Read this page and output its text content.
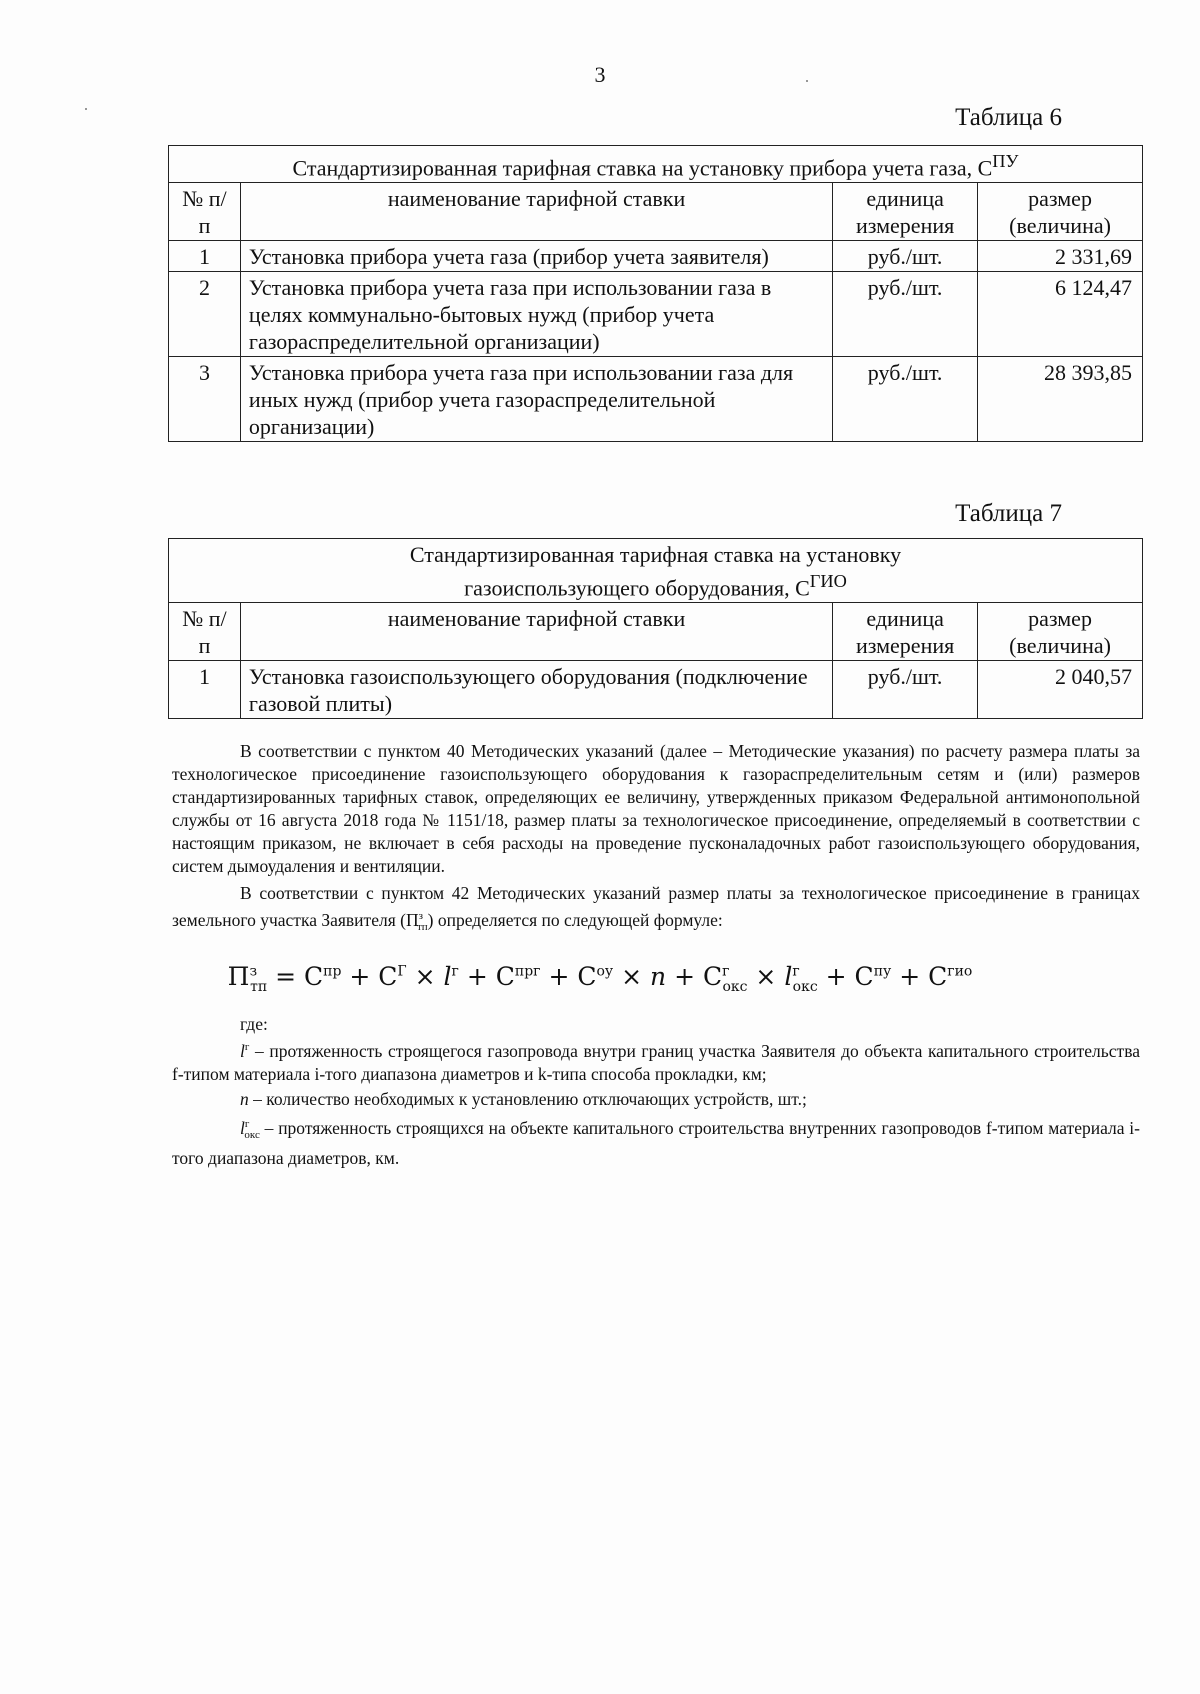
3
Таблица 6
Стандартизированная тарифная ставка на установку прибора учета газа, $С^{ПУ}$
№ п/п	наименование тарифной ставки	единица измерения	размер (величина)
1	Установка прибора учета газа (прибор учета заявителя)	руб./шт.	2 331,69
2	Установка прибора учета газа при использовании газа в целях коммунально-бытовых нужд (прибор учета газораспределительной организации)	руб./шт.	6 124,47
3	Установка прибора учета газа при использовании газа для иных нужд (прибор учета газораспределительной организации)	руб./шт.	28 393,85
Таблица 7
Стандартизированная тарифная ставка на установку
газоиспользующего оборудования, $С^{ГИО}$
№ п/п	наименование тарифной ставки	единица измерения	размер (величина)
1	Установка газоиспользующего оборудования (подключение газовой плиты)	руб./шт.	2 040,57

В соответствии с пунктом 40 Методических указаний (далее – Методические указания) по расчету размера платы за технологическое присоединение газоиспользующего оборудования к газораспределительным сетям и (или) размеров стандартизированных тарифных ставок, определяющих ее величину, утвержденных приказом Федеральной антимонопольной службы от 16 августа 2018 года № 1151/18, размер платы за технологическое присоединение, определяемый в соответствии с настоящим приказом, не включает в себя расходы на проведение пусконаладочных работ газоиспользующего оборудования, систем дымоудаления и вентиляции.

В соответствии с пунктом 42 Методических указаний размер платы за технологическое присоединение в границах земельного участка Заявителя $(П^з_{тп})$ определяется по следующей формуле:

$П^з_{тп} = С^{пр} + С^Г \times l^г + С^{прг} + С^{оу} \times n + С^г_{окс} \times l^г_{окс} + С^{пу} + С^{гио}$
где:

$l^г$ – протяженность строящегося газопровода внутри границ участка Заявителя до объекта капитального строительства f-типом материала i-того диапазона диаметров и k-типа способа прокладки, км;

n – количество необходимых к установлению отключающих устройств, шт.;

$l^г_{окс}$ – протяженность строящихся на объекте капитального строительства внутренних газопроводов f-типом материала i-того диапазона диаметров, км.
